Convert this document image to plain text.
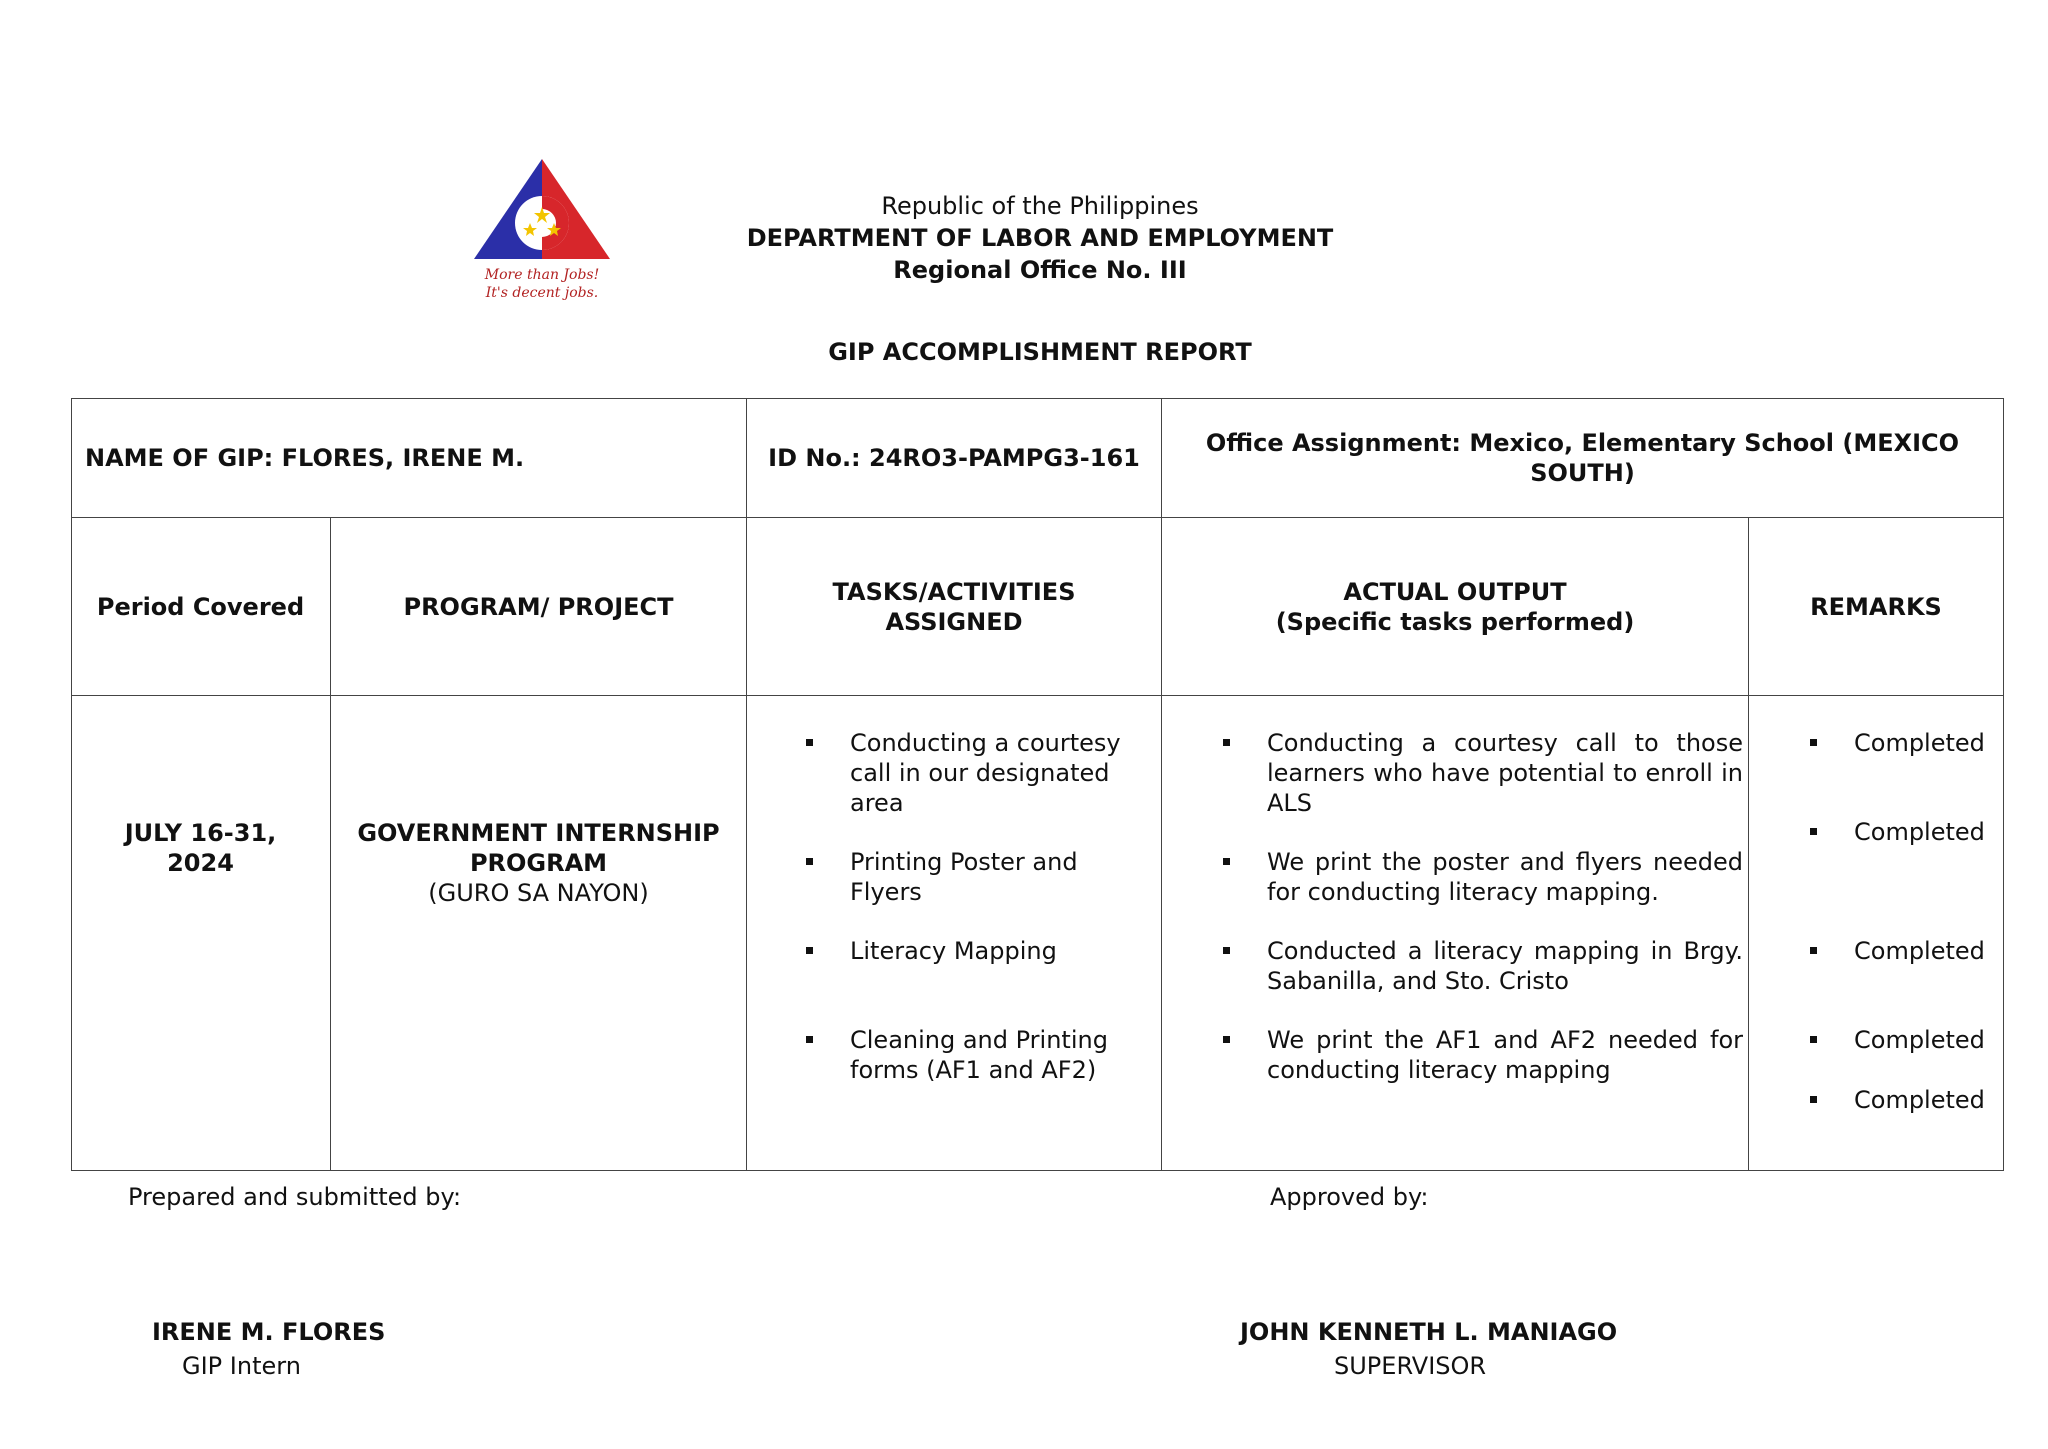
More than Jobs!
It's decent jobs.
Republic of the Philippines
DEPARTMENT OF LABOR AND EMPLOYMENT
Regional Office No. III
GIP ACCOMPLISHMENT REPORT
NAME OF GIP: FLORES, IRENE M.	ID No.: 24RO3-PAMPG3-161
Office Assignment: Mexico, Elementary School (MEXICO SOUTH)
Period Covered	PROGRAM/ PROJECT
TASKS/ACTIVITIES ASSIGNED
ACTUAL OUTPUT
(Specific tasks performed)
REMARKS
JULY 16-31, 2024
GOVERNMENT INTERNSHIP PROGRAM
(GURO SA NAYON)
Conducting a courtesy call in our designated area
Printing Poster and Flyers
Literacy Mapping
Cleaning and Printing forms (AF1 and AF2)
Conducting a courtesy call to those learners who have potential to enroll in ALS
We print the poster and flyers needed for conducting literacy mapping.
Conducted a literacy mapping in Brgy. Sabanilla, and Sto. Cristo
We print the AF1 and AF2 needed for conducting literacy mapping
Completed
Completed
Completed
Completed
Completed
Prepared and submitted by:
IRENE M. FLORES
GIP Intern
Approved by:
JOHN KENNETH L. MANIAGO
SUPERVISOR
